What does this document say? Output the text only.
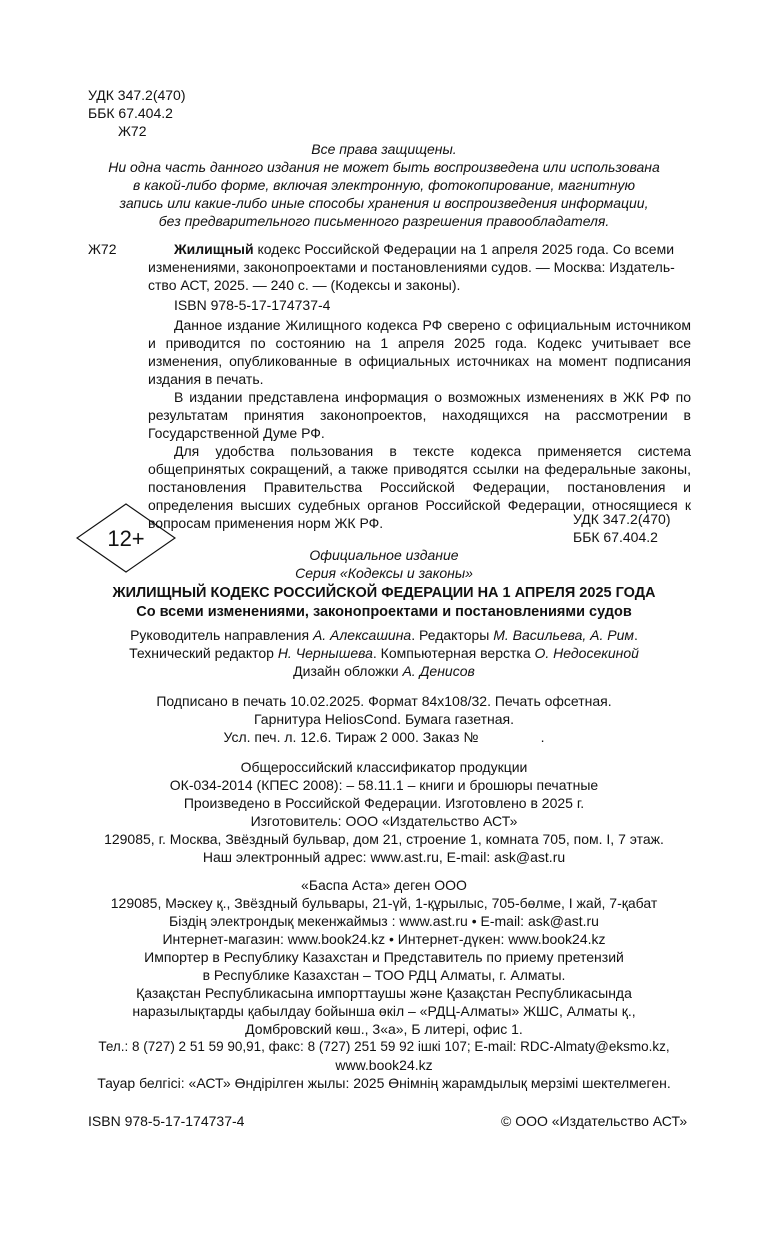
УДК 347.2(470)
ББК 67.404.2
Ж72
Все права защищены.
Ни одна часть данного издания не может быть воспроизведена или использована
в какой-либо форме, включая электронную, фотокопирование, магнитную
запись или какие-либо иные способы хранения и воспроизведения информации,
без предварительного письменного разрешения правообладателя.
Ж72	Жилищный кодекс Российской Федерации на 1 апреля 2025 года. Со всеми
изменениями, законопроектами и постановлениями судов. — Москва: Издатель-
ство АСТ, 2025. — 240 с. — (Кодексы и законы).
ISBN 978-5-17-174737-4

Данное издание Жилищного кодекса РФ сверено с официальным источником и приводится по состоянию на 1 апреля 2025 года. Кодекс учитывает все изменения, опубликованные в официальных источниках на момент подписания издания в печать.

В издании представлена информация о возможных изменениях в ЖК РФ по результатам принятия законопроектов, находящихся на рассмотрении в Государственной Думе РФ.

Для удобства пользования в тексте кодекса применяется система общепринятых сокращений, а также приводятся ссылки на федеральные законы, постановления Правительства Российской Федерации, постановления и определения высших судебных органов Российской Федерации, относящиеся к вопросам применения норм ЖК РФ.

12+
УДК 347.2(470)
ББК 67.404.2
Официальное издание
Серия «Кодексы и законы»
ЖИЛИЩНЫЙ КОДЕКС РОССИЙСКОЙ ФЕДЕРАЦИИ НА 1 АПРЕЛЯ 2025 ГОДА
Со всеми изменениями, законопроектами и постановлениями судов
Руководитель направления А. Алексашина. Редакторы М. Васильева, А. Рим.
Технический редактор Н. Чернышева. Компьютерная верстка О. Недосекиной
Дизайн обложки А. Денисов
Подписано в печать 10.02.2025. Формат 84х108/32. Печать офсетная.
Гарнитура HeliosCond. Бумага газетная.
Усл. печ. л. 12.6. Тираж 2 000. Заказ №                .
Общероссийский классификатор продукции
ОК-034-2014 (КПЕС 2008): – 58.11.1 – книги и брошюры печатные
Произведено в Российской Федерации. Изготовлено в 2025 г.
Изготовитель: ООО «Издательство АСТ»
129085, г. Москва, Звёздный бульвар, дом 21, строение 1, комната 705, пом. I, 7 этаж.
Наш электронный адрес: www.ast.ru, E-mail: ask@ast.ru
«Баспа Аста» деген ООО
129085, Мәскеу қ., Звёздный бульвары, 21-үй, 1-құрылыс, 705-бөлме, I жай, 7-қабат
Біздің электрондық мекенжаймыз : www.ast.ru • E-mail: ask@ast.ru
Интернет-магазин: www.book24.kz • Интернет-дүкен: www.book24.kz
Импортер в Республику Казахстан и Представитель по приему претензий
в Республике Казахстан – ТОО РДЦ Алматы, г. Алматы.
Қазақстан Республикасына импорттаушы және Қазақстан Республикасында
наразылықтарды қабылдау бойынша өкіл – «РДЦ-Алматы» ЖШС, Алматы қ.,
Домбровский көш., 3«а», Б литері, офис 1.
Тел.: 8 (727) 2 51 59 90,91, факс: 8 (727) 251 59 92 ішкі 107; E-mail: RDC-Almaty@eksmo.kz,
www.book24.kz
Тауар белгісі: «АСТ» Өндірілген жылы: 2025 Өнімнің жарамдылық мерзімі шектелмеген.
ISBN 978-5-17-174737-4	© ООО «Издательство АСТ»
